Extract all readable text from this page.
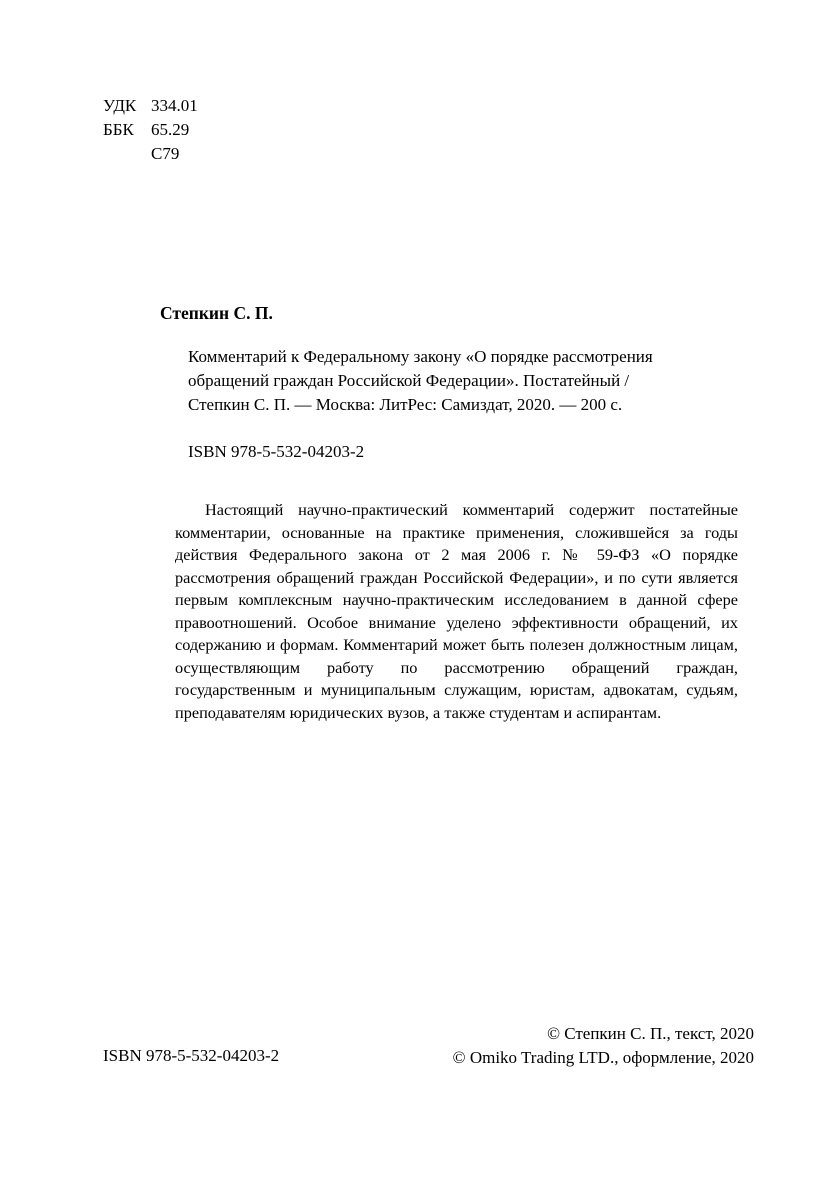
УДК 334.01
ББК	65.29
С79
Степкин С. П.
Комментарий к Федеральному закону «О порядке рассмотрения
обращений граждан Российской Федерации». Постатейный /
Степкин С. П. — Москва: ЛитРес: Самиздат, 2020. — 200 с.
ISBN 978-5-532-04203-2

Настоящий научно-практический комментарий содержит постатейные комментарии, основанные на практике применения, сложившейся за годы действия Федерального закона от 2 мая 2006 г. № 59-ФЗ «О порядке рассмотрения обращений граждан Российской Федерации», и по сути является первым комплексным научно-практическим исследованием в данной сфере правоотношений. Особое внимание уделено эффективности обращений, их содержанию и формам. Комментарий может быть полезен должностным лицам, осуществляющим работу по рассмотрению обращений граждан, государственным и муниципальным служащим, юристам, адвокатам, судьям, преподавателям юридических вузов, а также студентам и аспирантам.

ISBN 978-5-532-04203-2
© Степкин С. П., текст, 2020
© Omiko Trading LTD., оформление, 2020
